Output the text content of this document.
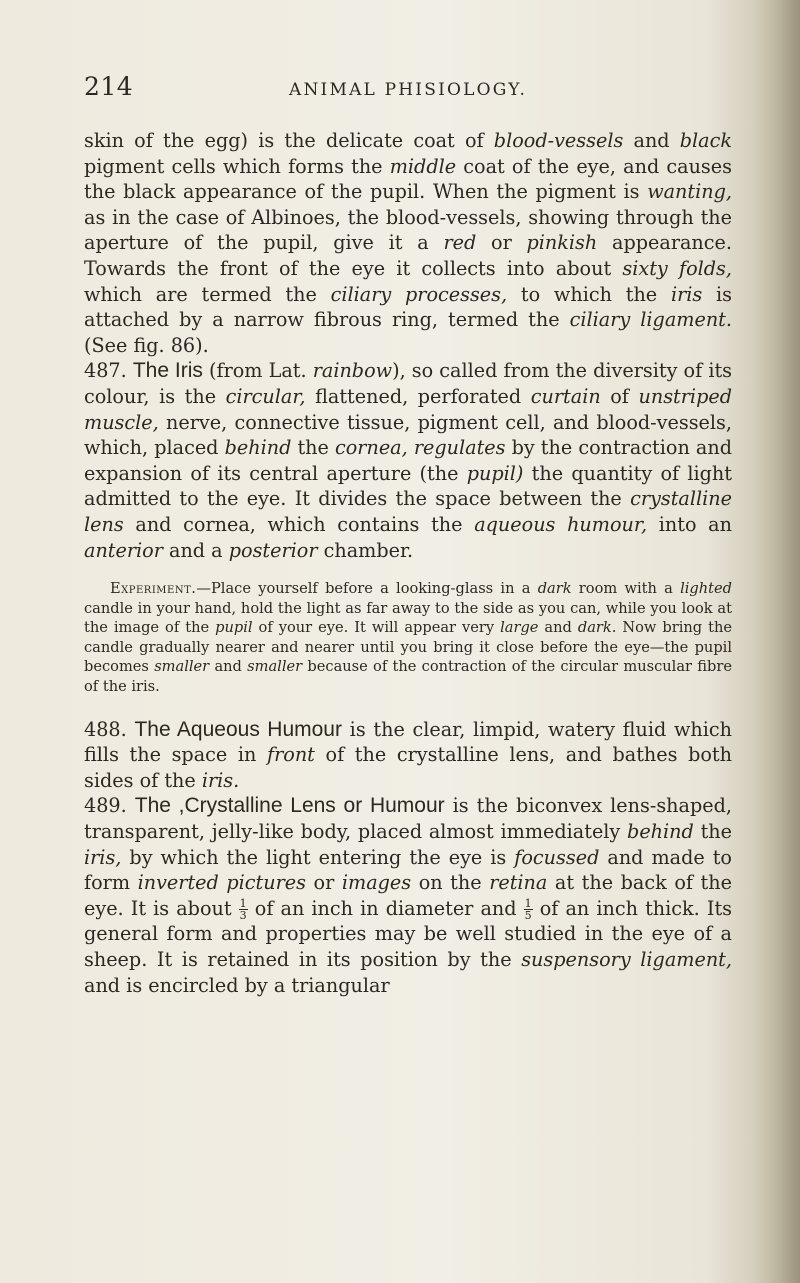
214	ANIMAL PHISIOLOGY.

skin of the egg) is the delicate coat of blood-vessels and black pigment cells which forms the middle coat of the eye, and causes the black appearance of the pupil. When the pigment is wanting, as in the case of Albinoes, the blood-vessels, showing through the aperture of the pupil, give it a red or pinkish appearance. Towards the front of the eye it collects into about sixty folds, which are termed the ciliary processes, to which the iris is attached by a narrow fibrous ring, termed the ciliary ligament. (See fig. 86).

487. The Iris (from Lat. rainbow), so called from the diversity of its colour, is the circular, flattened, perforated curtain of unstriped muscle, nerve, connective tissue, pigment cell, and blood-vessels, which, placed behind the cornea, regulates by the contraction and expansion of its central aperture (the pupil) the quantity of light admitted to the eye. It divides the space between the crystalline lens and cornea, which contains the aqueous humour, into an anterior and a posterior chamber.

Experiment.—Place yourself before a looking-glass in a dark room with a lighted candle in your hand, hold the light as far away to the side as you can, while you look at the image of the pupil of your eye. It will appear very large and dark. Now bring the candle gradually nearer and nearer until you bring it close before the eye—the pupil becomes smaller and smaller because of the contraction of the circular muscular fibre of the iris.

488. The Aqueous Humour is the clear, limpid, watery fluid which fills the space in front of the crystalline lens, and bathes both sides of the iris.

489. The ,Crystalline Lens or Humour is the biconvex lens-shaped, transparent, jelly-like body, placed almost immediately behind the iris, by which the light entering the eye is focussed and made to form inverted pictures or images on the retina at the back of the eye. It is about $\frac{1}{3}$ of an inch in diameter and $\frac{1}{5}$ of an inch thick. Its general form and properties may be well studied in the eye of a sheep. It is retained in its position by the suspensory ligament, and is encircled by a triangular
